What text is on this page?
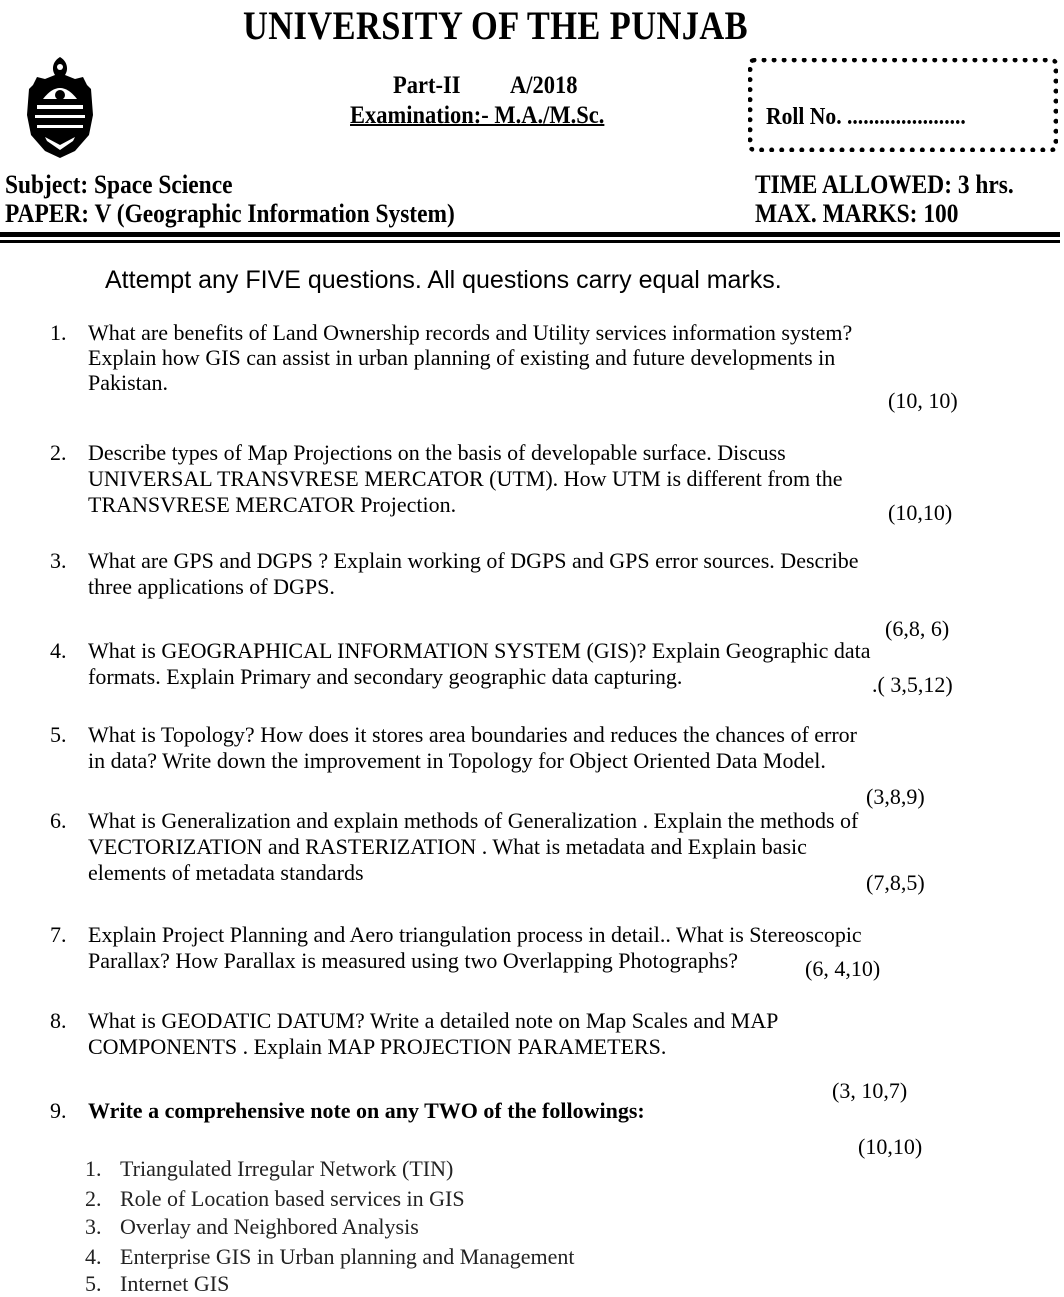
UNIVERSITY OF THE PUNJAB
Part-II A/2018
Examination:- M.A./M.Sc.	Roll No. ......................
Subject: Space Science
PAPER: V (Geographic Information System)
TIME ALLOWED: 3 hrs.
MAX. MARKS: 100
Attempt any FIVE questions. All questions carry equal marks.
1. What are benefits of Land Ownership records and Utility services information system?
Explain how GIS can assist in urban planning of existing and future developments in
Pakistan.
(10, 10)
2. Describe types of Map Projections on the basis of developable surface. Discuss
UNIVERSAL TRANSVRESE MERCATOR (UTM). How UTM is different from the
TRANSVRESE MERCATOR Projection.	(10,10)
3. What are GPS and DGPS ? Explain working of DGPS and GPS error sources. Describe
three applications of DGPS.
(6,8, 6)
4. What is GEOGRAPHICAL INFORMATION SYSTEM (GIS)? Explain Geographic data
formats. Explain Primary and secondary geographic data capturing.	.( 3,5,12)
5. What is Topology? How does it stores area boundaries and reduces the chances of error
in data? Write down the improvement in Topology for Object Oriented Data Model.
(3,8,9)
6. What is Generalization and explain methods of Generalization . Explain the methods of
VECTORIZATION and RASTERIZATION . What is metadata and Explain basic
elements of metadata standards	(7,8,5)
7. Explain Project Planning and Aero triangulation process in detail.. What is Stereoscopic
Parallax? How Parallax is measured using two Overlapping Photographs?	(6, 4,10)
8. What is GEODATIC DATUM? Write a detailed note on Map Scales and MAP
COMPONENTS . Explain MAP PROJECTION PARAMETERS.
(3, 10,7)
9. Write a comprehensive note on any TWO of the followings:
(10,10)
1. Triangulated Irregular Network (TIN)
2. Role of Location based services in GIS
3. Overlay and Neighbored Analysis
4. Enterprise GIS in Urban planning and Management
5. Internet GIS
